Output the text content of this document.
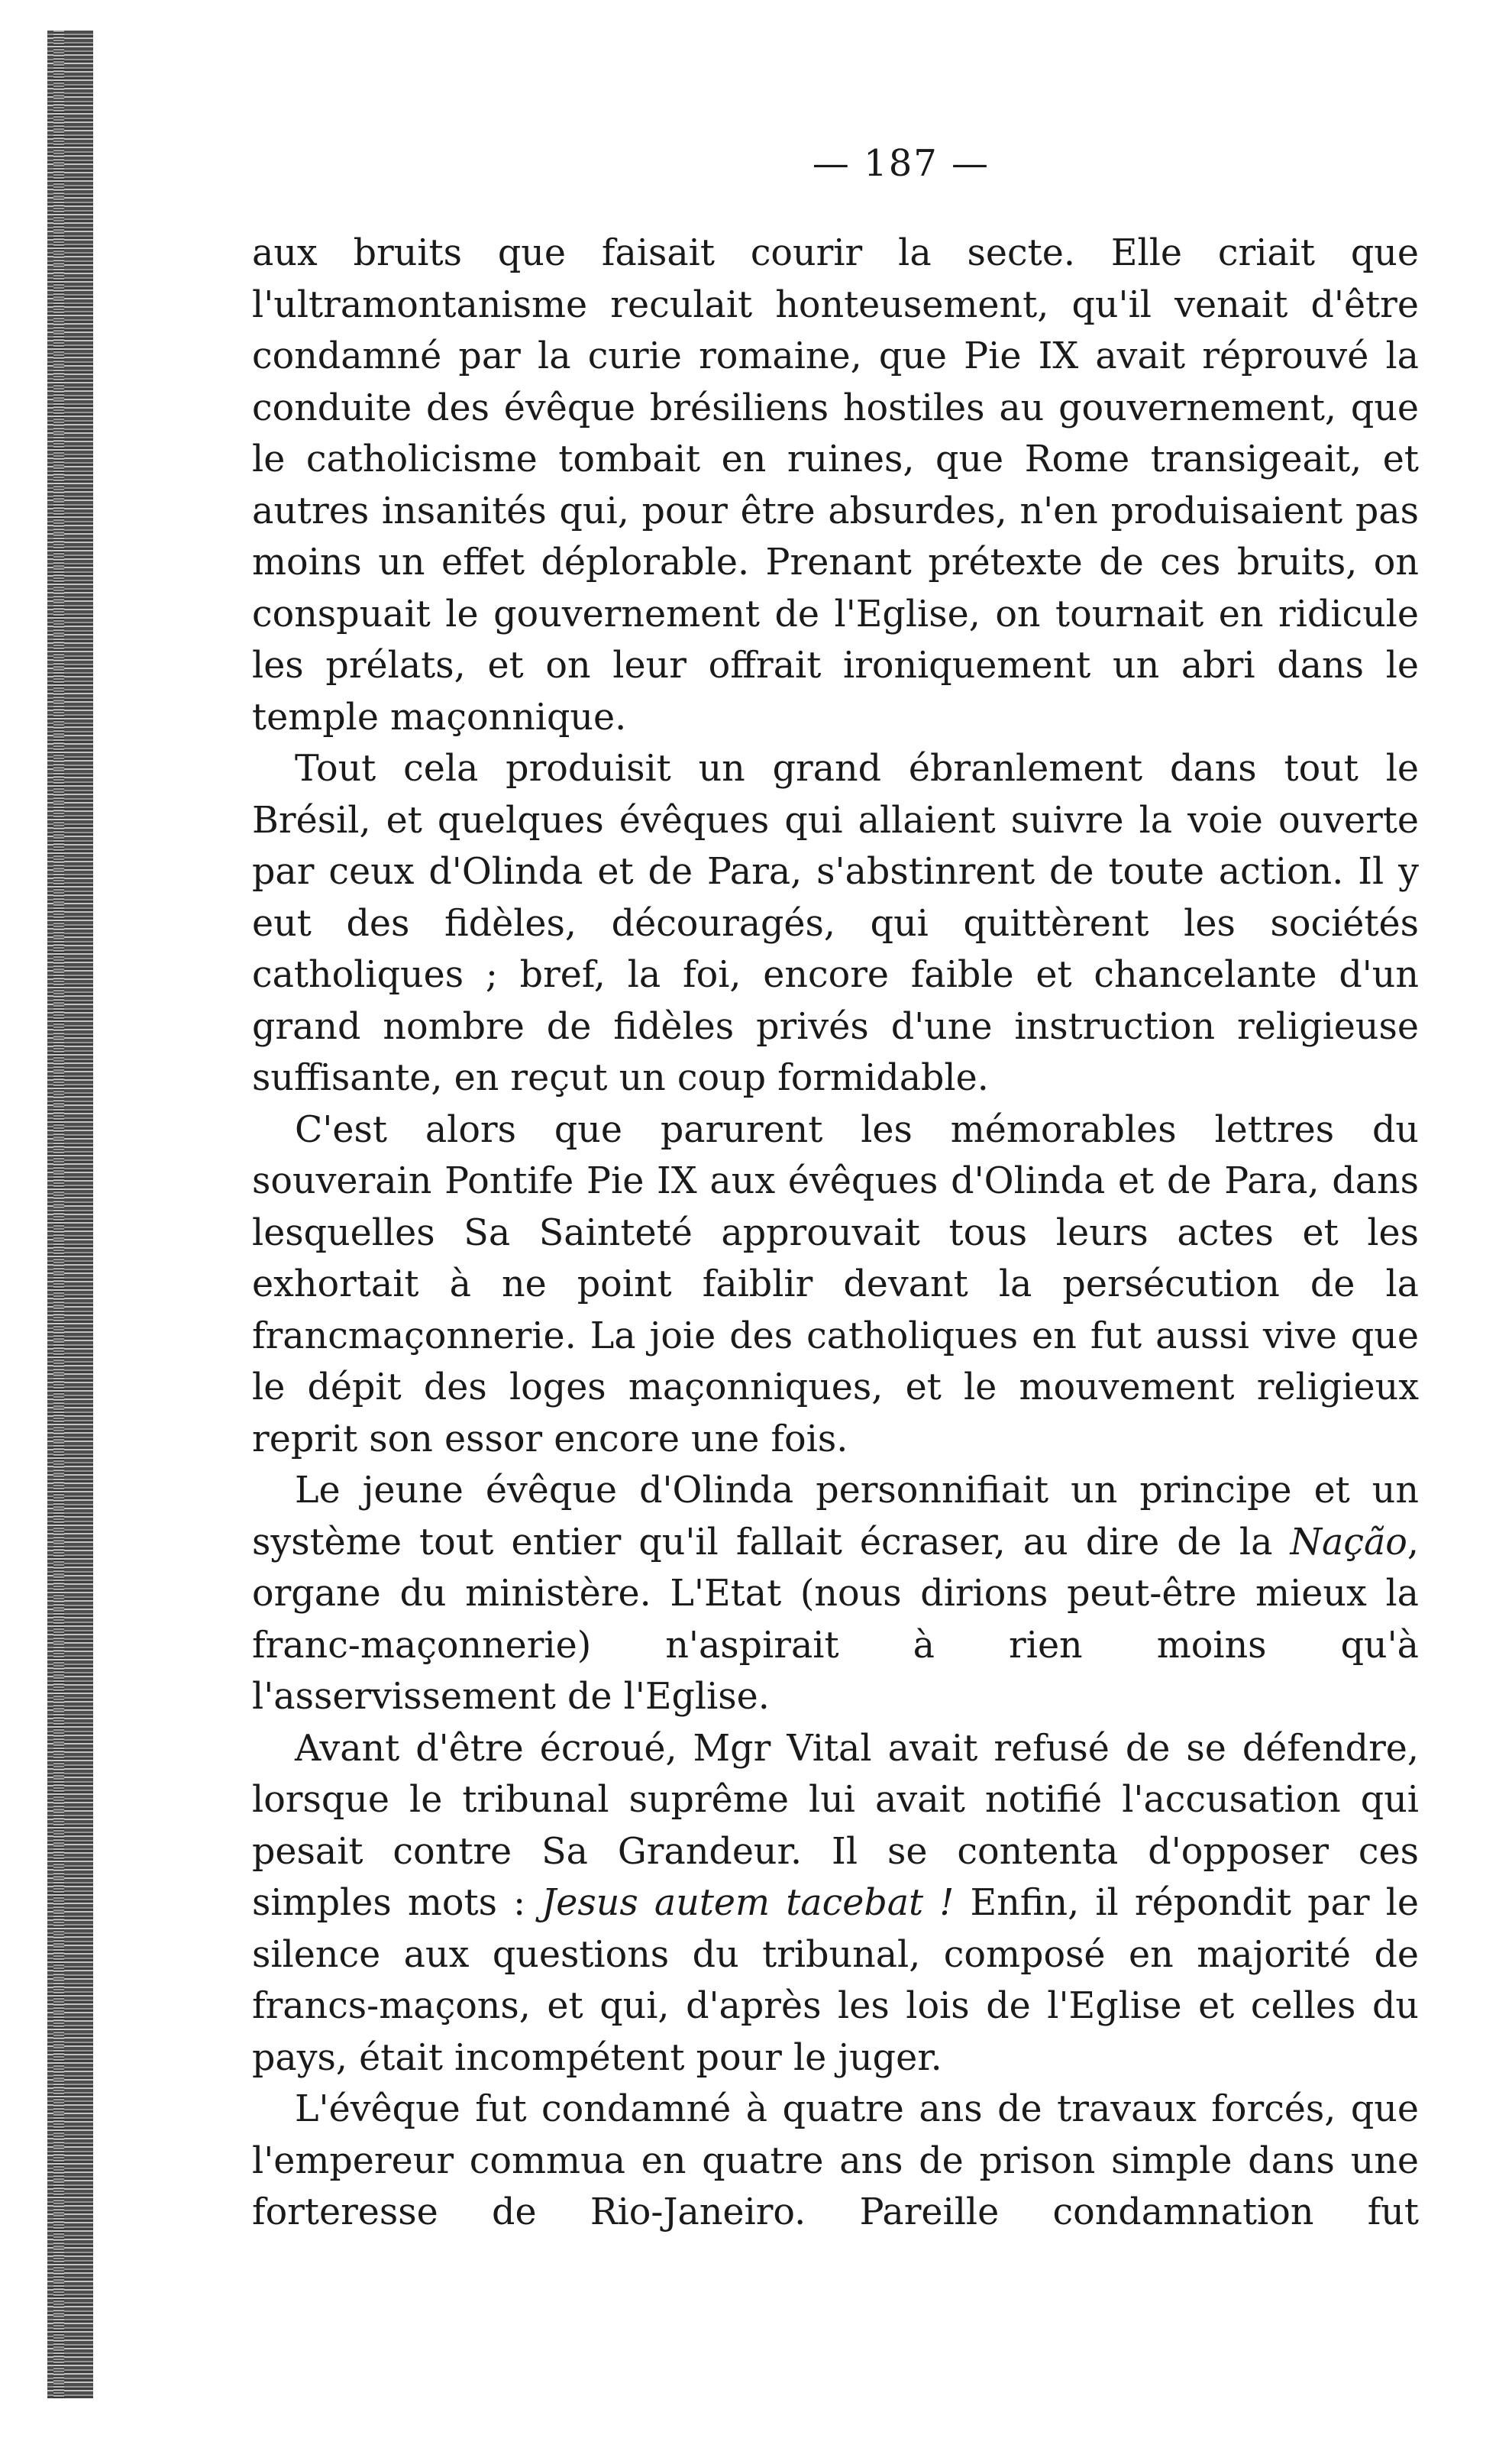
— 187 —

aux bruits que faisait courir la secte. Elle criait que l'ultramontanisme reculait honteusement, qu'il venait d'être condamné par la curie romaine, que Pie IX avait réprouvé la conduite des évêque brésiliens hostiles au gouvernement, que le catholicisme tombait en ruines, que Rome transigeait, et autres insanités qui, pour être absurdes, n'en produisaient pas moins un effet déplorable. Prenant prétexte de ces bruits, on conspuait le gouvernement de l'Eglise, on tournait en ridicule les prélats, et on leur offrait ironiquement un abri dans le temple maçonnique.

Tout cela produisit un grand ébranlement dans tout le Brésil, et quelques évêques qui allaient suivre la voie ouverte par ceux d'Olinda et de Para, s'abstinrent de toute action. Il y eut des fidèles, découragés, qui quittèrent les sociétés catholiques ; bref, la foi, encore faible et chancelante d'un grand nombre de fidèles privés d'une instruction religieuse suffisante, en reçut un coup formidable.

C'est alors que parurent les mémorables lettres du souverain Pontife Pie IX aux évêques d'Olinda et de Para, dans lesquelles Sa Sainteté approuvait tous leurs actes et les exhortait à ne point faiblir devant la persécution de la francmaçonnerie. La joie des catholiques en fut aussi vive que le dépit des loges maçonniques, et le mouvement religieux reprit son essor encore une fois.

Le jeune évêque d'Olinda personnifiait un principe et un système tout entier qu'il fallait écraser, au dire de la Nação, organe du ministère. L'Etat (nous dirions peut-être mieux la franc-maçonnerie) n'aspirait à rien moins qu'à l'asservissement de l'Eglise.

Avant d'être écroué, Mgr Vital avait refusé de se défendre, lorsque le tribunal suprême lui avait notifié l'accusation qui pesait contre Sa Grandeur. Il se contenta d'opposer ces simples mots : Jesus autem tacebat ! Enfin, il répondit par le silence aux questions du tribunal, composé en majorité de francs-maçons, et qui, d'après les lois de l'Eglise et celles du pays, était incompétent pour le juger.

L'évêque fut condamné à quatre ans de travaux forcés, que l'empereur commua en quatre ans de prison simple dans une forteresse de Rio-Janeiro. Pareille condamnation fut
